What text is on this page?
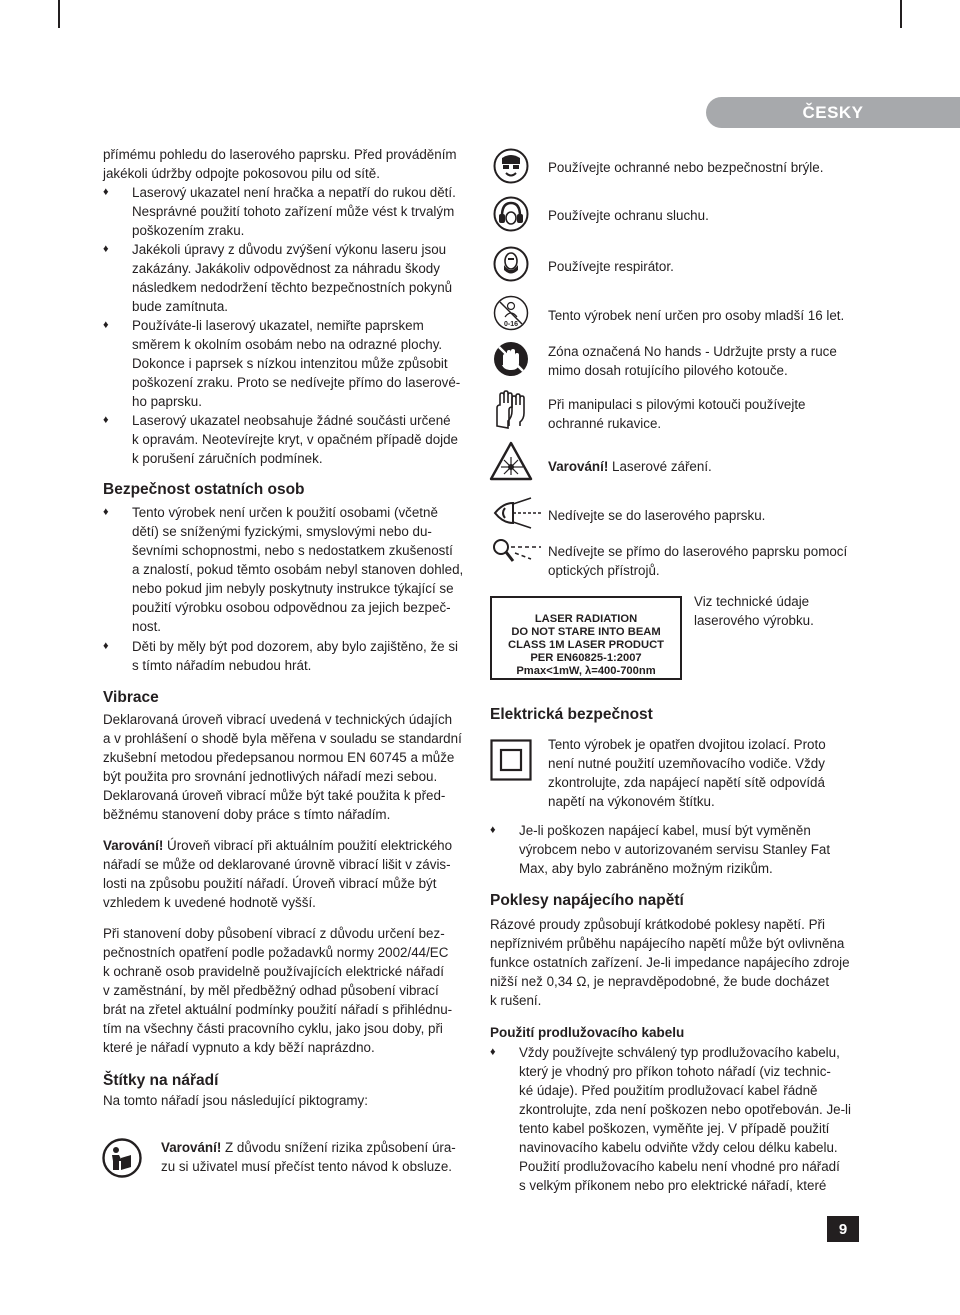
ČESKY

přímému pohledu do laserového paprsku. Před prováděním
jakékoli údržby odpojte pokosovou pilu od sítě.

♦ Laserový ukazatel není hračka a nepatří do rukou dětí.
Nesprávné použití tohoto zařízení může vést k trvalým
poškozením zraku.

♦ Jakékoli úpravy z důvodu zvýšení výkonu laseru jsou
zakázány. Jakákoliv odpovědnost za náhradu škody
následkem nedodržení těchto bezpečnostních pokynů
bude zamítnuta.

♦ Používáte-li laserový ukazatel, nemiřte paprskem
směrem k okolním osobám nebo na odrazné plochy.
Dokonce i paprsek s nízkou intenzitou může způsobit
poškození zraku. Proto se nedívejte přímo do laserové-
ho paprsku.

♦ Laserový ukazatel neobsahuje žádné součásti určené
k opravám. Neotevírejte kryt, v opačném případě dojde
k porušení záručních podmínek.

Bezpečnost ostatních osob

♦ Tento výrobek není určen k použití osobami (včetně
dětí) se sníženými fyzickými, smyslovými nebo du-
ševními schopnostmi, nebo s nedostatkem zkušeností
a znalostí, pokud těmto osobám nebyl stanoven dohled,
nebo pokud jim nebyly poskytnuty instrukce týkající se
použití výrobku osobou odpovědnou za jejich bezpeč-
nost.

♦ Děti by měly být pod dozorem, aby bylo zajištěno, že si
s tímto nářadím nebudou hrát.

Vibrace

Deklarovaná úroveň vibrací uvedená v technických údajích
a v prohlášení o shodě byla měřena v souladu se standardní
zkušební metodou předepsanou normou EN 60745 a může
být použita pro srovnání jednotlivých nářadí mezi sebou.
Deklarovaná úroveň vibrací může být také použita k před-
běžnému stanovení doby práce s tímto nářadím.

Varování! Úroveň vibrací při aktuálním použití elektrického
nářadí se může od deklarované úrovně vibrací lišit v závis-
losti na způsobu použití nářadí. Úroveň vibrací může být
vzhledem k uvedené hodnotě vyšší.

Při stanovení doby působení vibrací z důvodu určení bez-
pečnostních opatření podle požadavků normy 2002/44/EC
k ochraně osob pravidelně používajících elektrické nářadí
v zaměstnání, by měl předběžný odhad působení vibrací
brát na zřetel aktuální podmínky použití nářadí s přihlédnu-
tím na všechny části pracovního cyklu, jako jsou doby, při
které je nářadí vypnuto a kdy běží naprázdno.

Štítky na nářadí

Na tomto nářadí jsou následující piktogramy:

Varování! Z důvodu snížení rizika způsobení úra-
zu si uživatel musí přečíst tento návod k obsluze.

Používejte ochranné nebo bezpečnostní brýle.

Používejte ochranu sluchu.

Používejte respirátor.

0-16

Tento výrobek není určen pro osoby mladší 16 let.

Zóna označená No hands - Udržujte prsty a ruce
mimo dosah rotujícího pilového kotouče.

Při manipulaci s pilovými kotouči používejte
ochranné rukavice.

Varování! Laserové záření.

Nedívejte se do laserového paprsku.

Nedívejte se přímo do laserového paprsku pomocí
optických přístrojů.

LASER RADIATION
DO NOT STARE INTO BEAM
CLASS 1M LASER PRODUCT
PER EN60825-1:2007
Pmax<1mW, λ=400-700nm

Viz technické údaje
laserového výrobku.

Elektrická bezpečnost

Tento výrobek je opatřen dvojitou izolací. Proto
není nutné použití uzemňovacího vodiče. Vždy
zkontrolujte, zda napájecí napětí sítě odpovídá
napětí na výkonovém štítku.

♦ Je-li poškozen napájecí kabel, musí být vyměněn
výrobcem nebo v autorizovaném servisu Stanley Fat
Max, aby bylo zabráněno možným rizikům.

Poklesy napájecího napětí

Rázové proudy způsobují krátkodobé poklesy napětí. Při
nepříznivém průběhu napájecího napětí může být ovlivněna
funkce ostatních zařízení. Je-li impedance napájecího zdroje
nižší než 0,34 Ω, je nepravděpodobné, že bude docházet
k rušení.

Použití prodlužovacího kabelu

♦ Vždy používejte schválený typ prodlužovacího kabelu,
který je vhodný pro příkon tohoto nářadí (viz technic-
ké údaje). Před použitím prodlužovací kabel řádně
zkontrolujte, zda není poškozen nebo opotřebován. Je-li
tento kabel poškozen, vyměňte jej. V případě použití
navinovacího kabelu odviňte vždy celou délku kabelu.
Použití prodlužovacího kabelu není vhodné pro nářadí
s velkým příkonem nebo pro elektrické nářadí, které

9
